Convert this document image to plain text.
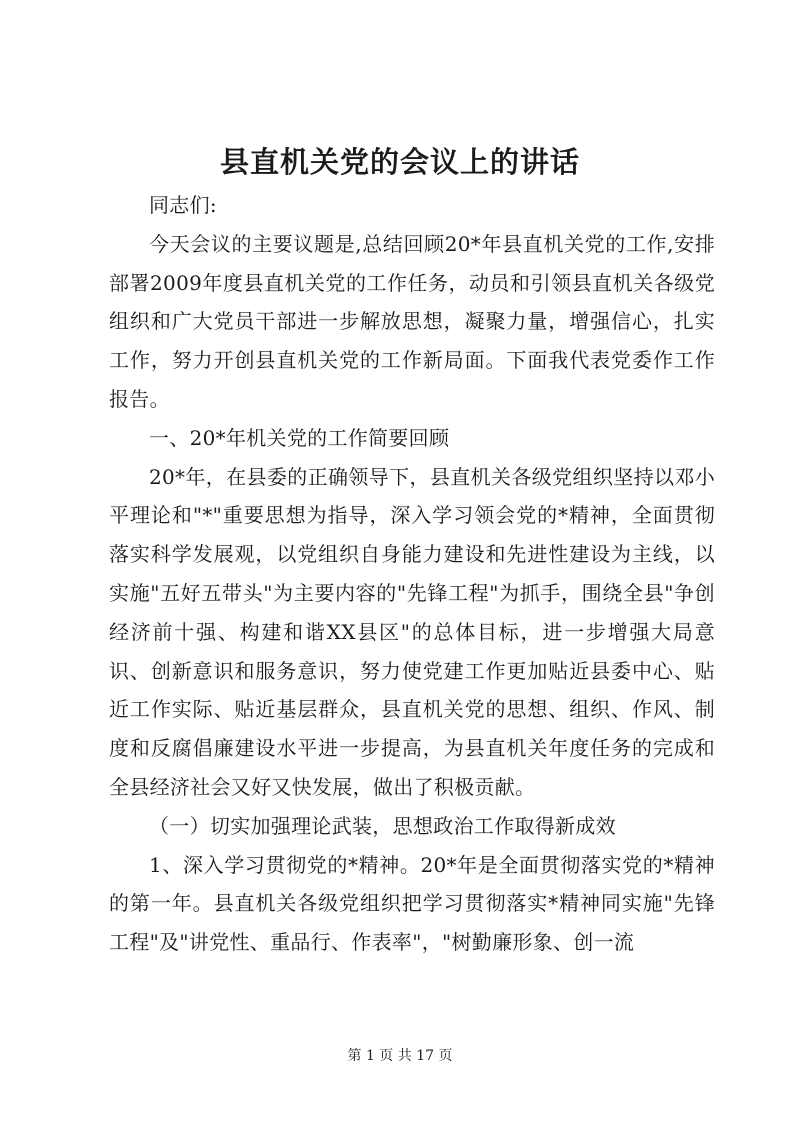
县直机关党的会议上的讲话

同志们:

今天会议的主要议题是,总结回顾20*年县直机关党的工作,安排部署2009年度县直机关党的工作任务，动员和引领县直机关各级党组织和广大党员干部进一步解放思想，凝聚力量，增强信心，扎实工作，努力开创县直机关党的工作新局面。下面我代表党委作工作报告。

一、20*年机关党的工作简要回顾

20*年，在县委的正确领导下，县直机关各级党组织坚持以邓小平理论和"*"重要思想为指导，深入学习领会党的*精神，全面贯彻落实科学发展观，以党组织自身能力建设和先进性建设为主线，以实施"五好五带头"为主要内容的"先锋工程"为抓手，围绕全县"争创经济前十强、构建和谐XX县区"的总体目标，进一步增强大局意识、创新意识和服务意识，努力使党建工作更加贴近县委中心、贴近工作实际、贴近基层群众，县直机关党的思想、组织、作风、制度和反腐倡廉建设水平进一步提高，为县直机关年度任务的完成和全县经济社会又好又快发展，做出了积极贡献。

（一）切实加强理论武装，思想政治工作取得新成效

1、深入学习贯彻党的*精神。20*年是全面贯彻落实党的*精神的第一年。县直机关各级党组织把学习贯彻落实*精神同实施"先锋工程"及"讲党性、重品行、作表率"，"树勤廉形象、创一流

第 1 页 共 17 页
